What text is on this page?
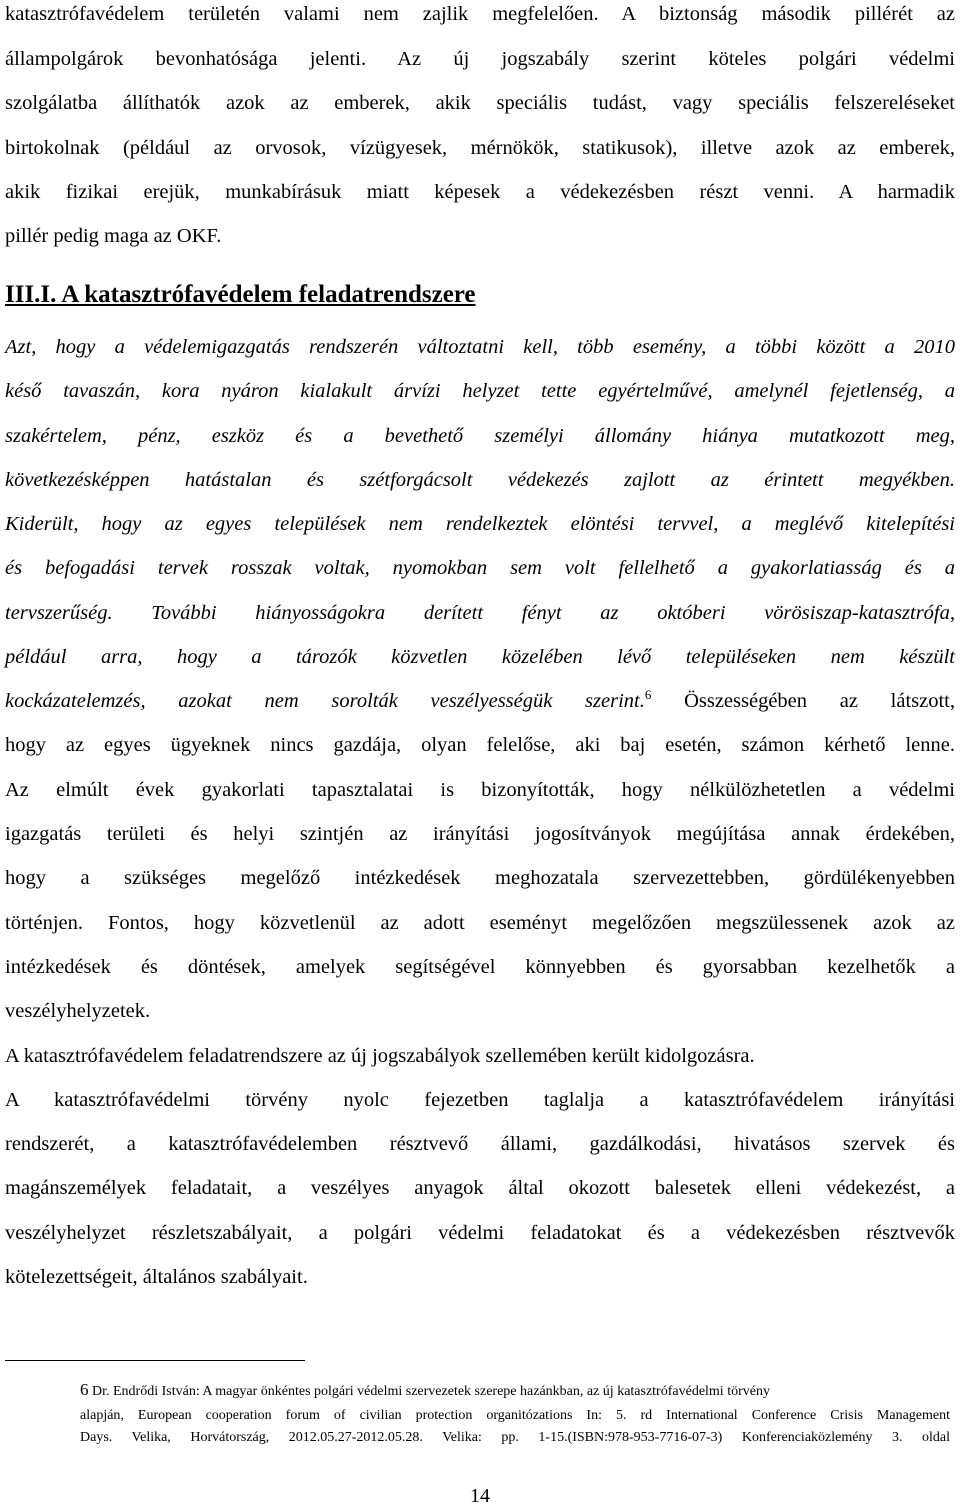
katasztrófavédelem területén valami nem zajlik megfelelően. A biztonság második pillérét az
állampolgárok bevonhatósága jelenti. Az új jogszabály szerint köteles polgári védelmi
szolgálatba állíthatók azok az emberek, akik speciális tudást, vagy speciális felszereléseket
birtokolnak (például az orvosok, vízügyesek, mérnökök, statikusok), illetve azok az emberek,
akik fizikai erejük, munkabírásuk miatt képesek a védekezésben részt venni. A harmadik
pillér pedig maga az OKF.
III.I. A katasztrófavédelem feladatrendszere
Azt, hogy a védelemigazgatás rendszerén változtatni kell, több esemény, a többi között a 2010
késő tavaszán, kora nyáron kialakult árvízi helyzet tette egyértelművé, amelynél fejetlenség, a
szakértelem, pénz, eszköz és a bevethető személyi állomány hiánya mutatkozott meg,
következésképpen hatástalan és szétforgácsolt védekezés zajlott az érintett megyékben.
Kiderült, hogy az egyes települések nem rendelkeztek elöntési tervvel, a meglévő kitelepítési
és befogadási tervek rosszak voltak, nyomokban sem volt fellelhető a gyakorlatiasság és a
tervszerűség. További hiányosságokra derített fényt az októberi vörösiszap-katasztrófa,
például arra, hogy a tározók közvetlen közelében lévő településeken nem készült
kockázatelemzés, azokat nem sorolták veszélyességük szerint.$^6$ Összességében az látszott,
hogy az egyes ügyeknek nincs gazdája, olyan felelőse, aki baj esetén, számon kérhető lenne.
Az elmúlt évek gyakorlati tapasztalatai is bizonyították, hogy nélkülözhetetlen a védelmi
igazgatás területi és helyi szintjén az irányítási jogosítványok megújítása annak érdekében,
hogy a szükséges megelőző intézkedések meghozatala szervezettebben, gördülékenyebben
történjen. Fontos, hogy közvetlenül az adott eseményt megelőzően megszülessenek azok az
intézkedések és döntések, amelyek segítségével könnyebben és gyorsabban kezelhetők a
veszélyhelyzetek.
A katasztrófavédelem feladatrendszere az új jogszabályok szellemében került kidolgozásra.
A katasztrófavédelmi törvény nyolc fejezetben taglalja a katasztrófavédelem irányítási
rendszerét, a katasztrófavédelemben résztvevő állami, gazdálkodási, hivatásos szervek és
magánszemélyek feladatait, a veszélyes anyagok által okozott balesetek elleni védekezést, a
veszélyhelyzet részletszabályait, a polgári védelmi feladatokat és a védekezésben résztvevők
kötelezettségeit, általános szabályait.
6 Dr. Endrődi István: A magyar önkéntes polgári védelmi szervezetek szerepe hazánkban, az új katasztrófavédelmi törvény
alapján, European cooperation forum of civilian protection organitózations In: 5. rd International Conference Crisis Management
Days. Velika, Horvátország, 2012.05.27-2012.05.28. Velika: pp. 1-15.(ISBN:978-953-7716-07-3) Konferenciaközlemény 3. oldal
14
